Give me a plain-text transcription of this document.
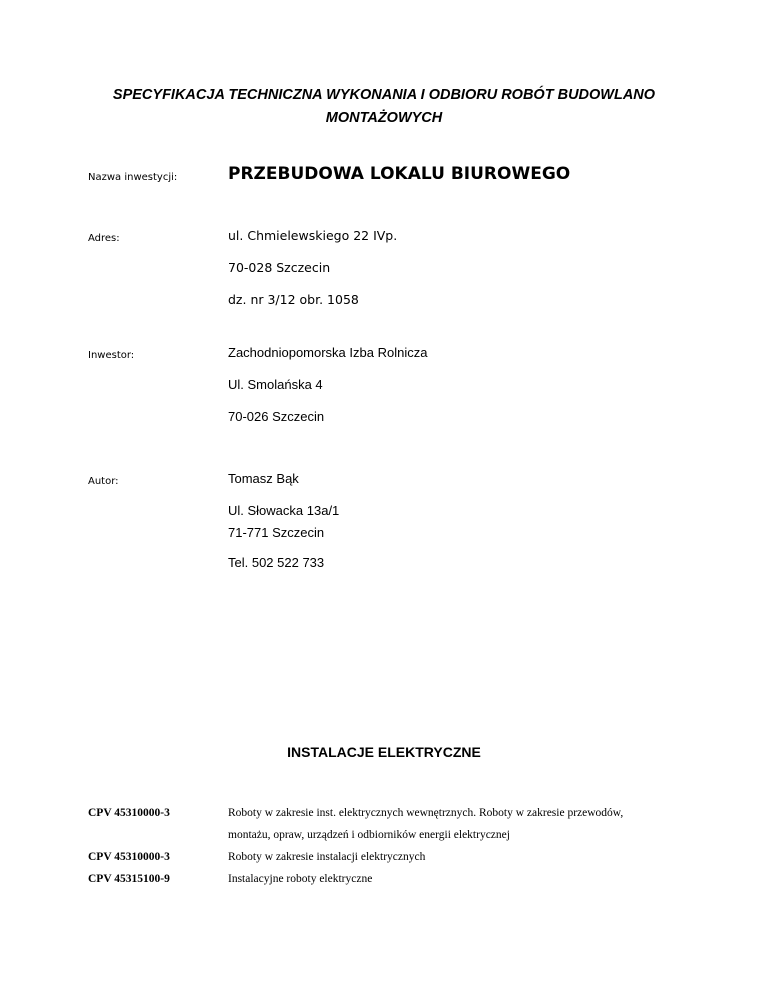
SPECYFIKACJA TECHNICZNA WYKONANIA I ODBIORU ROBÓT BUDOWLANO
MONTAŻOWYCH
Nazwa inwestycji:	PRZEBUDOWA LOKALU BIUROWEGO
Adres:	ul. Chmielewskiego 22 IVp.
70-028 Szczecin
dz. nr 3/12 obr. 1058
Inwestor:	Zachodniopomorska Izba Rolnicza
Ul. Smolańska 4
70-026 Szczecin
Autor:	Tomasz Bąk
Ul. Słowacka 13a/1
71-771 Szczecin
Tel. 502 522 733
INSTALACJE ELEKTRYCZNE
CPV 45310000-3	Roboty w zakresie inst. elektrycznych wewnętrznych. Roboty w zakresie przewodów,
montażu, opraw, urządzeń i odbiorników energii elektrycznej
CPV 45310000-3	Roboty w zakresie instalacji elektrycznych
CPV 45315100-9	Instalacyjne roboty elektryczne
